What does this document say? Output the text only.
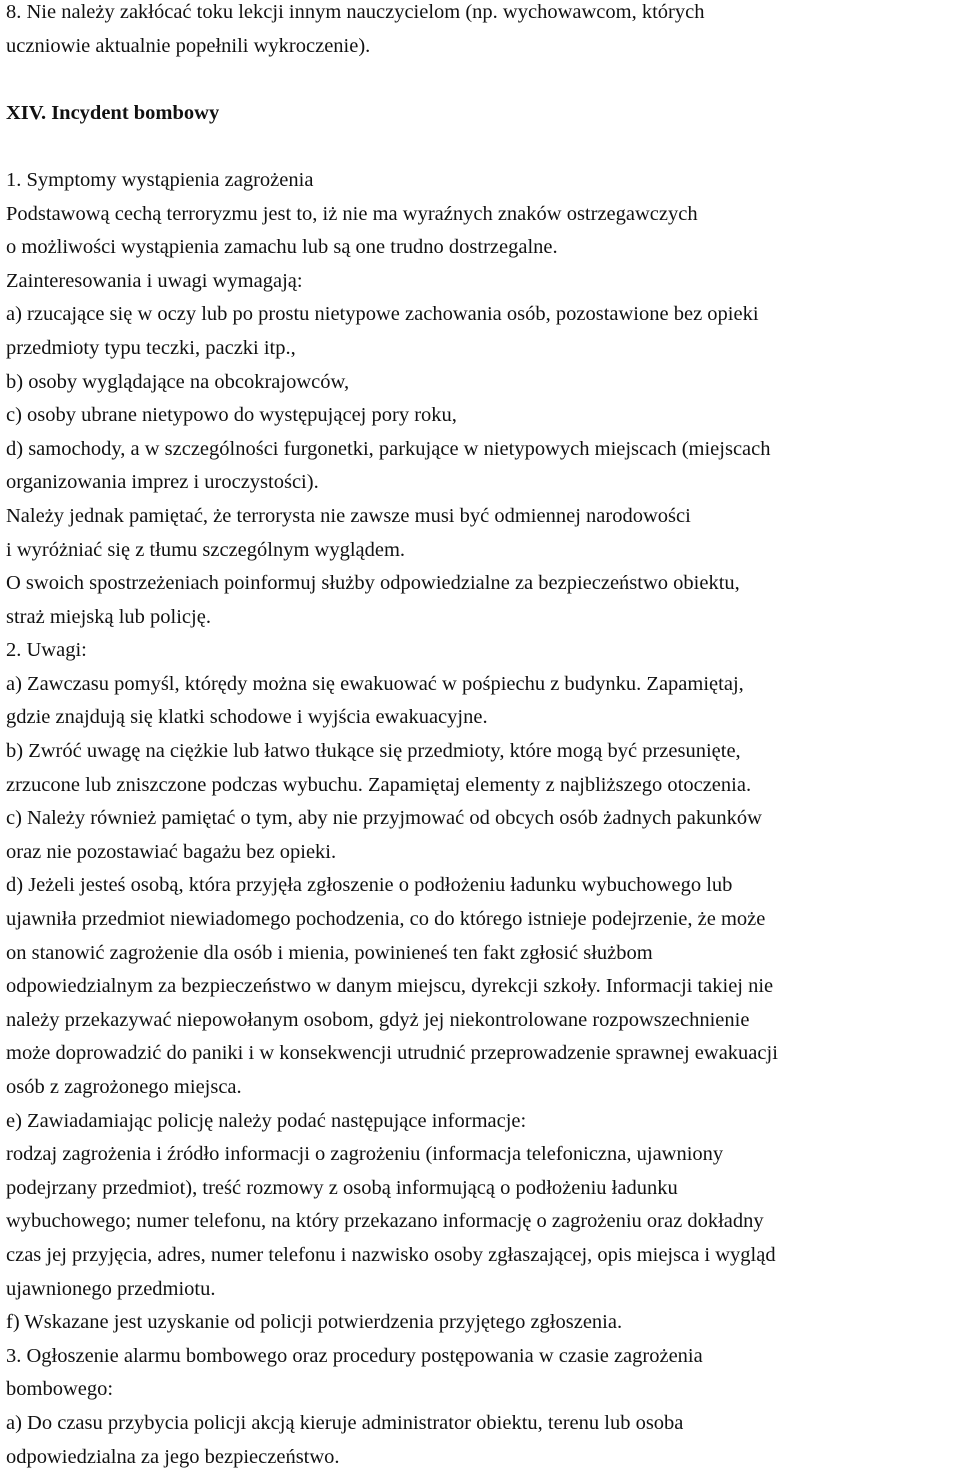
8. Nie należy zakłócać toku lekcji innym nauczycielom (np. wychowawcom, których
uczniowie aktualnie popełnili wykroczenie).
XIV. Incydent bombowy
1. Symptomy wystąpienia zagrożenia
Podstawową cechą terroryzmu jest to, iż nie ma wyraźnych znaków ostrzegawczych
o możliwości wystąpienia zamachu lub są one trudno dostrzegalne.
Zainteresowania i uwagi wymagają:
a) rzucające się w oczy lub po prostu nietypowe zachowania osób, pozostawione bez opieki
przedmioty typu teczki, paczki itp.,
b) osoby wyglądające na obcokrajowców,
c) osoby ubrane nietypowo do występującej pory roku,
d) samochody, a w szczególności furgonetki, parkujące w nietypowych miejscach (miejscach
organizowania imprez i uroczystości).
Należy jednak pamiętać, że terrorysta nie zawsze musi być odmiennej narodowości
i wyróżniać się z tłumu szczególnym wyglądem.
O swoich spostrzeżeniach poinformuj służby odpowiedzialne za bezpieczeństwo obiektu,
straż miejską lub policję.
2. Uwagi:
a) Zawczasu pomyśl, którędy można się ewakuować w pośpiechu z budynku. Zapamiętaj,
gdzie znajdują się klatki schodowe i wyjścia ewakuacyjne.
b) Zwróć uwagę na ciężkie lub łatwo tłukące się przedmioty, które mogą być przesunięte,
zrzucone lub zniszczone podczas wybuchu. Zapamiętaj elementy z najbliższego otoczenia.
c) Należy również pamiętać o tym, aby nie przyjmować od obcych osób żadnych pakunków
oraz nie pozostawiać bagażu bez opieki.
d) Jeżeli jesteś osobą, która przyjęła zgłoszenie o podłożeniu ładunku wybuchowego lub
ujawniła przedmiot niewiadomego pochodzenia, co do którego istnieje podejrzenie, że może
on stanowić zagrożenie dla osób i mienia, powinieneś ten fakt zgłosić służbom
odpowiedzialnym za bezpieczeństwo w danym miejscu, dyrekcji szkoły. Informacji takiej nie
należy przekazywać niepowołanym osobom, gdyż jej niekontrolowane rozpowszechnienie
może doprowadzić do paniki i w konsekwencji utrudnić przeprowadzenie sprawnej ewakuacji
osób z zagrożonego miejsca.
e) Zawiadamiając policję należy podać następujące informacje:
rodzaj zagrożenia i źródło informacji o zagrożeniu (informacja telefoniczna, ujawniony
podejrzany przedmiot), treść rozmowy z osobą informującą o podłożeniu ładunku
wybuchowego; numer telefonu, na który przekazano informację o zagrożeniu oraz dokładny
czas jej przyjęcia, adres, numer telefonu i nazwisko osoby zgłaszającej, opis miejsca i wygląd
ujawnionego przedmiotu.
f) Wskazane jest uzyskanie od policji potwierdzenia przyjętego zgłoszenia.
3. Ogłoszenie alarmu bombowego oraz procedury postępowania w czasie zagrożenia
bombowego:
a) Do czasu przybycia policji akcją kieruje administrator obiektu, terenu lub osoba
odpowiedzialna za jego bezpieczeństwo.
